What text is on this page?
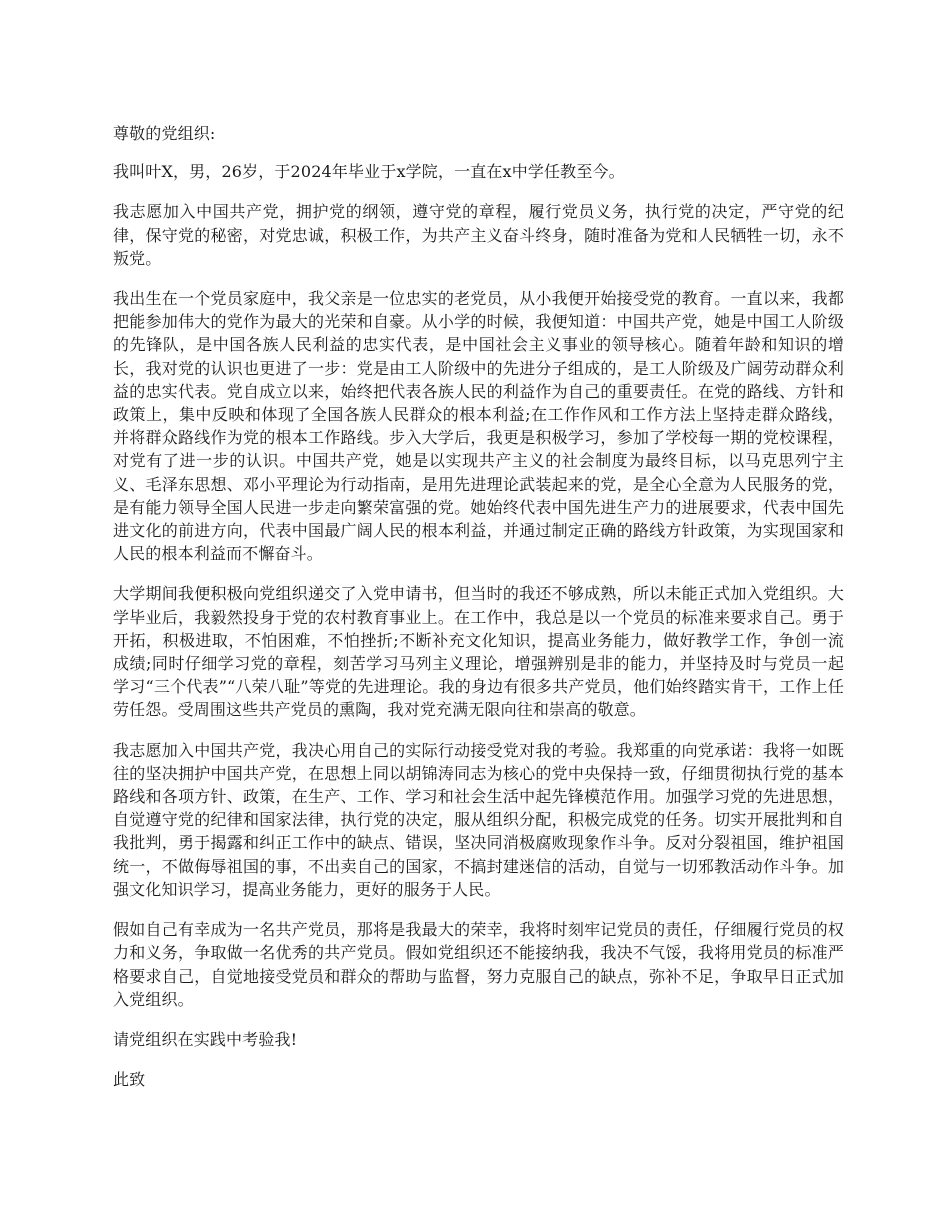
尊敬的党组织:

我叫叶X，男，26岁，于2024年毕业于x学院，一直在x中学任教至今。

我志愿加入中国共产党，拥护党的纲领，遵守党的章程，履行党员义务，执行党的决定，严守党的纪律，保守党的秘密，对党忠诚，积极工作，为共产主义奋斗终身，随时准备为党和人民牺牲一切，永不叛党。

我出生在一个党员家庭中，我父亲是一位忠实的老党员，从小我便开始接受党的教育。一直以来，我都把能参加伟大的党作为最大的光荣和自豪。从小学的时候，我便知道：中国共产党，她是中国工人阶级的先锋队，是中国各族人民利益的忠实代表，是中国社会主义事业的领导核心。随着年龄和知识的增长，我对党的认识也更进了一步：党是由工人阶级中的先进分子组成的，是工人阶级及广阔劳动群众利益的忠实代表。党自成立以来，始终把代表各族人民的利益作为自己的重要责任。在党的路线、方针和政策上，集中反映和体现了全国各族人民群众的根本利益;在工作作风和工作方法上坚持走群众路线，并将群众路线作为党的根本工作路线。步入大学后，我更是积极学习，参加了学校每一期的党校课程，对党有了进一步的认识。中国共产党，她是以实现共产主义的社会制度为最终目标，以马克思列宁主义、毛泽东思想、邓小平理论为行动指南，是用先进理论武装起来的党，是全心全意为人民服务的党，是有能力领导全国人民进一步走向繁荣富强的党。她始终代表中国先进生产力的进展要求，代表中国先进文化的前进方向，代表中国最广阔人民的根本利益，并通过制定正确的路线方针政策，为实现国家和人民的根本利益而不懈奋斗。

大学期间我便积极向党组织递交了入党申请书，但当时的我还不够成熟，所以未能正式加入党组织。大学毕业后，我毅然投身于党的农村教育事业上。在工作中，我总是以一个党员的标准来要求自己。勇于开拓，积极进取，不怕困难，不怕挫折;不断补充文化知识，提高业务能力，做好教学工作，争创一流成绩;同时仔细学习党的章程，刻苦学习马列主义理论，增强辨别是非的能力，并坚持及时与党员一起学习“三个代表”“八荣八耻”等党的先进理论。我的身边有很多共产党员，他们始终踏实肯干，工作上任劳任怨。受周围这些共产党员的熏陶，我对党充满无限向往和崇高的敬意。

我志愿加入中国共产党，我决心用自己的实际行动接受党对我的考验。我郑重的向党承诺：我将一如既往的坚决拥护中国共产党，在思想上同以胡锦涛同志为核心的党中央保持一致，仔细贯彻执行党的基本路线和各项方针、政策，在生产、工作、学习和社会生活中起先锋模范作用。加强学习党的先进思想，自觉遵守党的纪律和国家法律，执行党的决定，服从组织分配，积极完成党的任务。切实开展批判和自我批判，勇于揭露和纠正工作中的缺点、错误，坚决同消极腐败现象作斗争。反对分裂祖国，维护祖国统一，不做侮辱祖国的事，不出卖自己的国家，不搞封建迷信的活动，自觉与一切邪教活动作斗争。加强文化知识学习，提高业务能力，更好的服务于人民。

假如自己有幸成为一名共产党员，那将是我最大的荣幸，我将时刻牢记党员的责任，仔细履行党员的权力和义务，争取做一名优秀的共产党员。假如党组织还不能接纳我，我决不气馁，我将用党员的标准严格要求自己，自觉地接受党员和群众的帮助与监督，努力克服自己的缺点，弥补不足，争取早日正式加入党组织。

请党组织在实践中考验我!

此致
